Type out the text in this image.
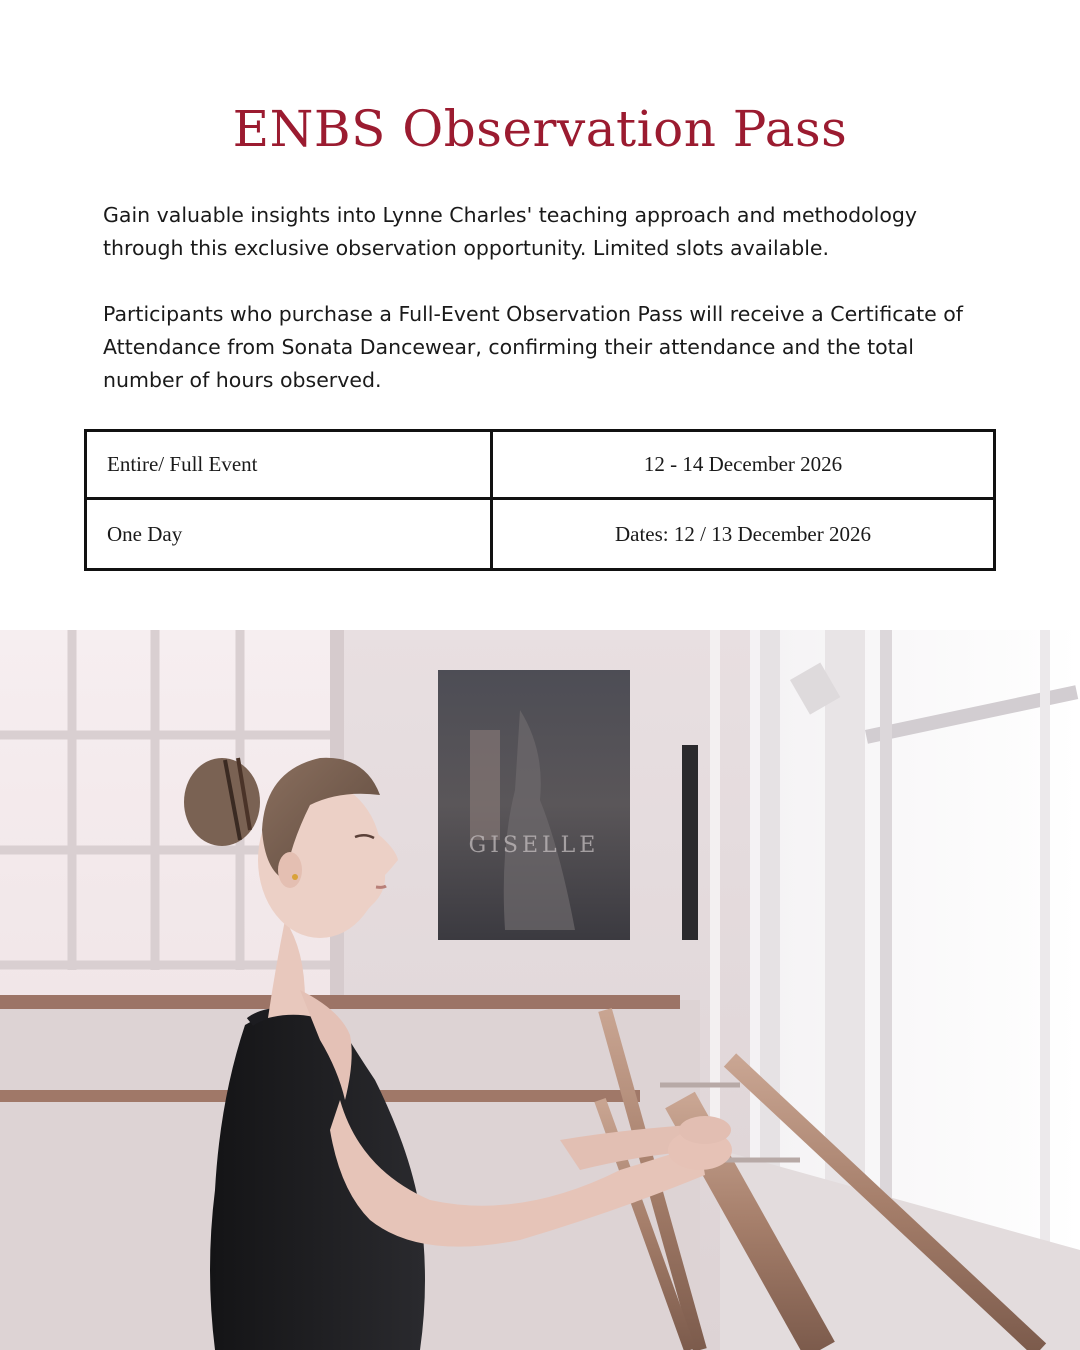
ENBS Observation Pass

Gain valuable insights into Lynne Charles' teaching approach and methodology through this exclusive observation opportunity. Limited slots available.

Participants who purchase a Full-Event Observation Pass will receive a Certificate of Attendance from Sonata Dancewear, confirming their attendance and the total number of hours observed.

Entire/ Full Event	12 - 14 December 2026
One Day	Dates: 12 / 13 December 2026
GISELLE
